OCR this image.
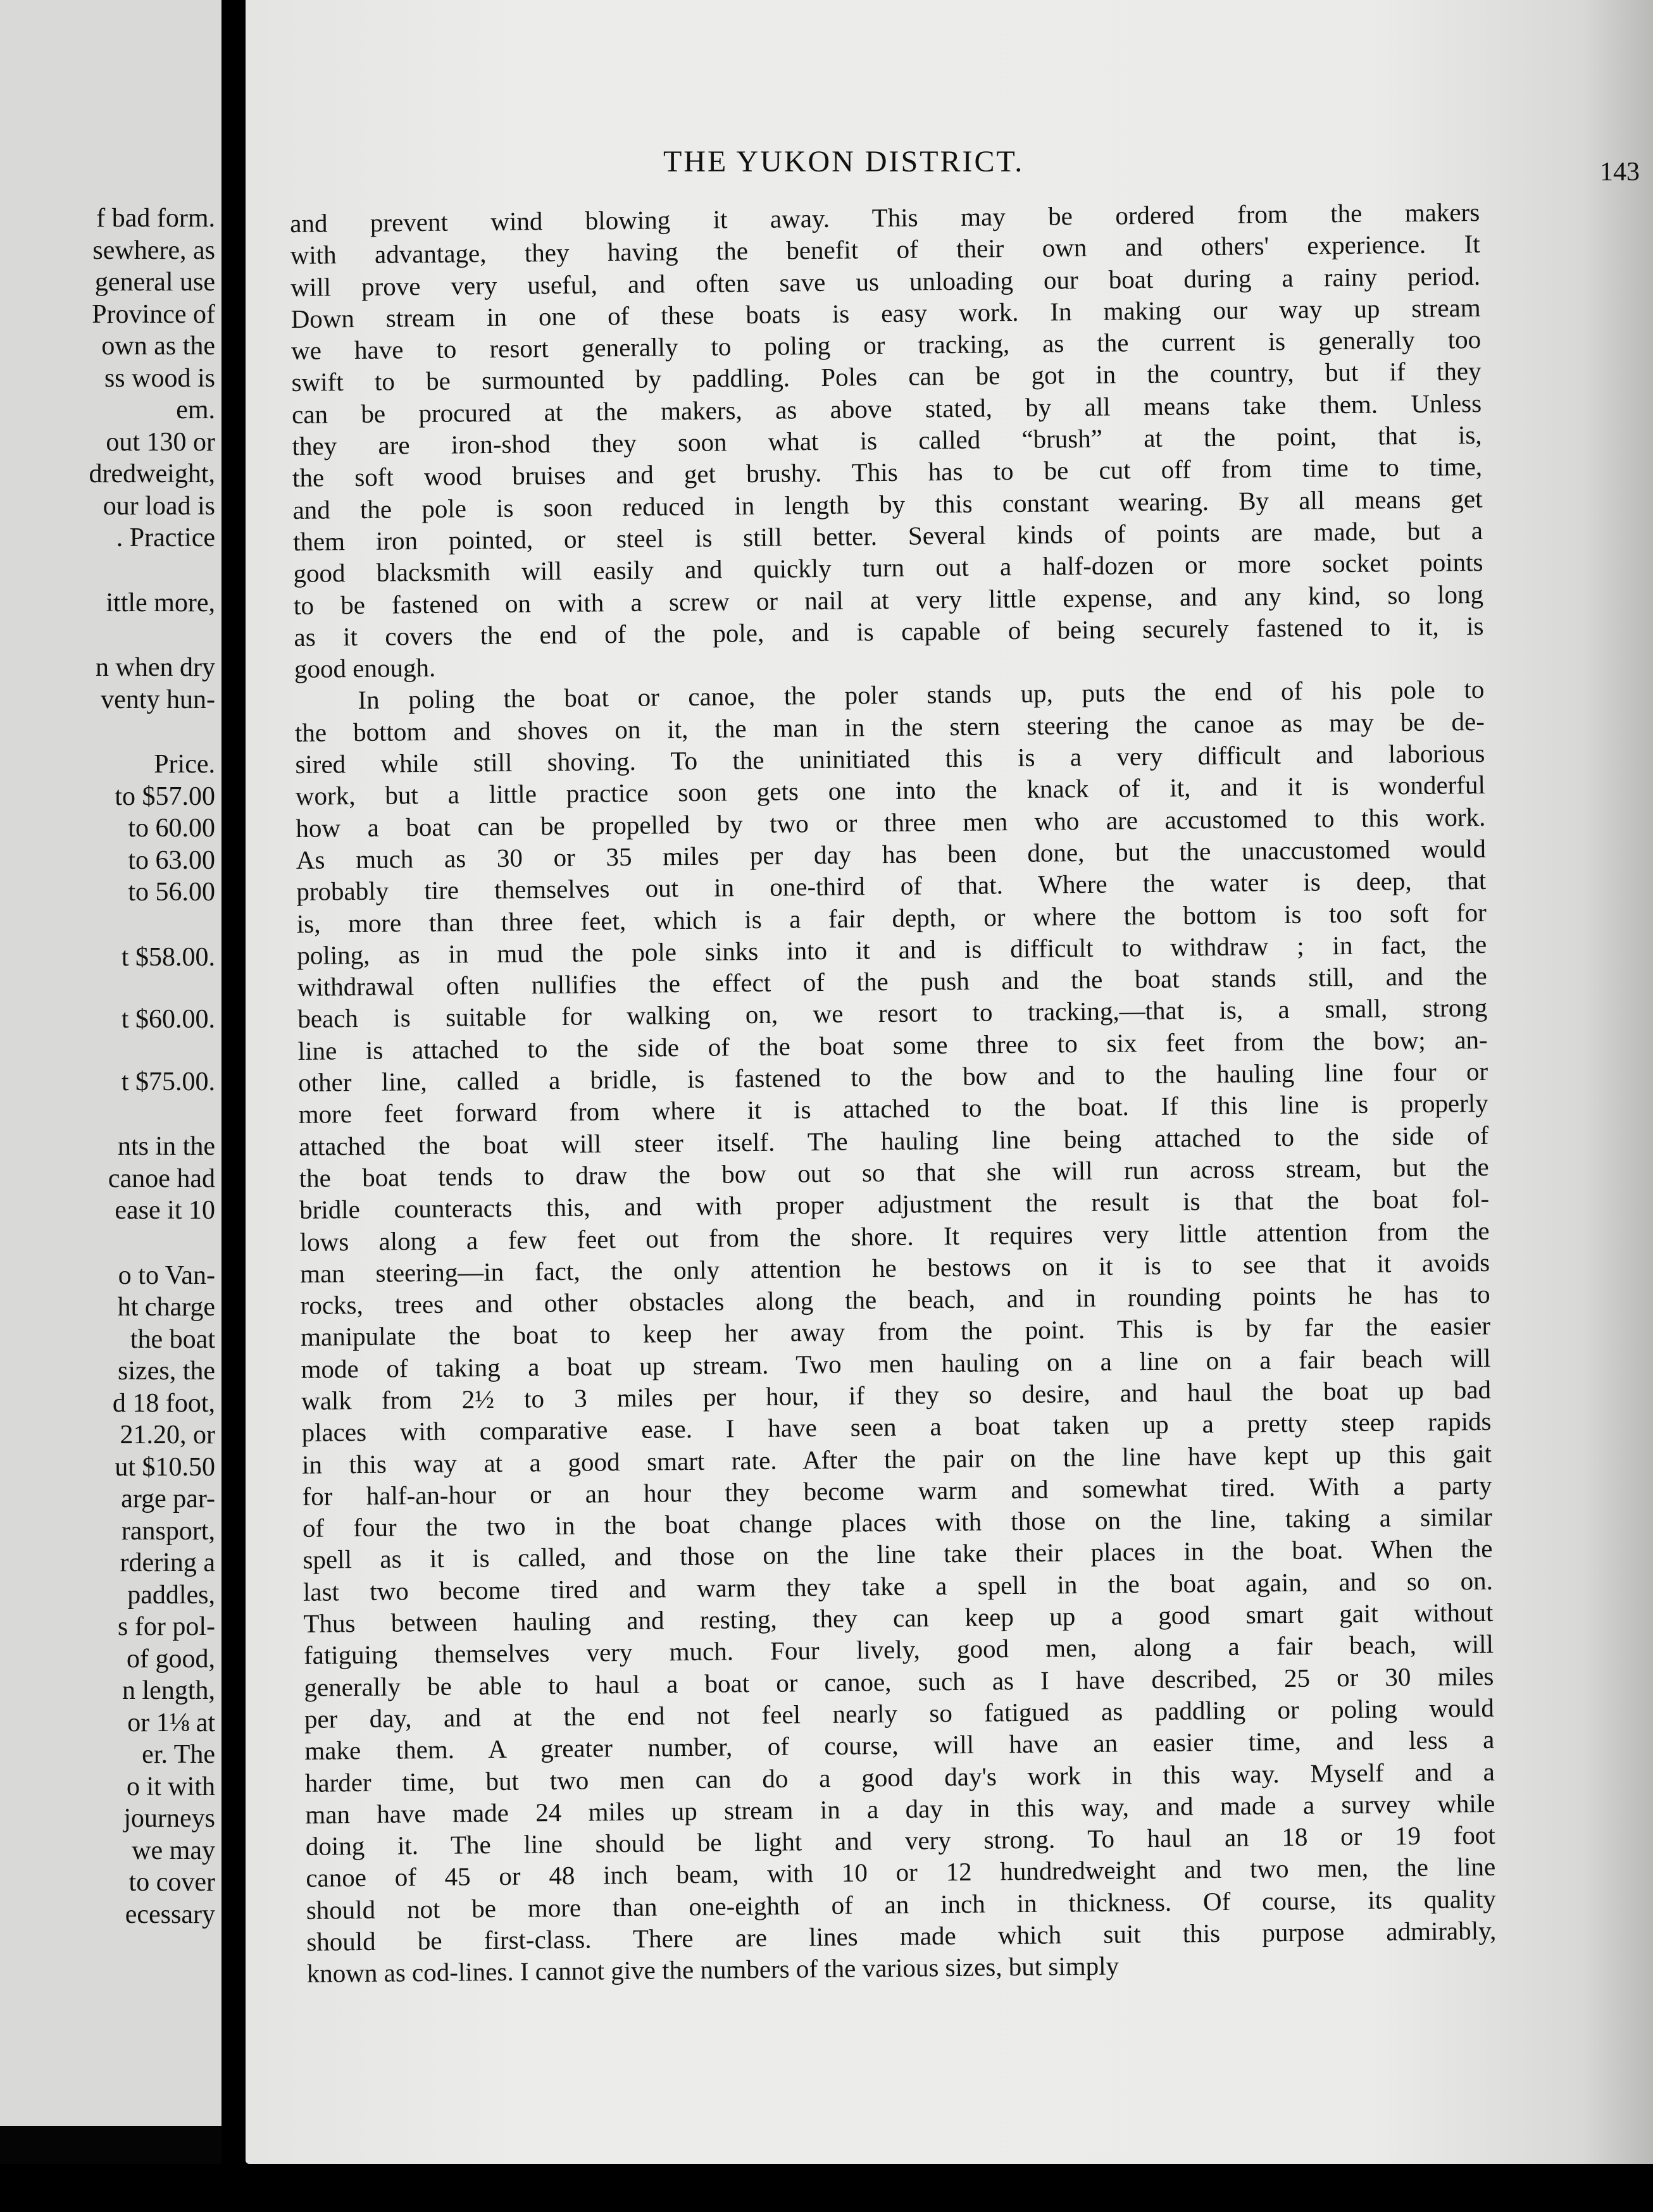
f bad form.
sewhere, as
general use
Province of
own as the
ss wood is
em.
out 130 or
dredweight,
our load is
. Practice
ittle more,
n when dry
venty hun-
Price.
to $57.00
to 60.00
to 63.00
to 56.00
t $58.00.
t $60.00.
t $75.00.
nts in the
canoe had
ease it 10
o to Van-
ht charge
the boat
sizes, the
d 18 foot,
21.20, or
ut $10.50
arge par-
ransport,
rdering a
paddles,
s for pol-
of good,
n length,
or 1⅛ at
er. The
o it with
journeys
we may
to cover
ecessary
THE YUKON DISTRICT.	143
and prevent wind blowing it away. This may be ordered from the makers
with advantage, they having the benefit of their own and others' experience. It
will prove very useful, and often save us unloading our boat during a rainy period.
Down stream in one of these boats is easy work. In making our way up stream
we have to resort generally to poling or tracking, as the current is generally too
swift to be surmounted by paddling. Poles can be got in the country, but if they
can be procured at the makers, as above stated, by all means take them. Unless
they are iron-shod they soon what is called “brush” at the point, that is,
the soft wood bruises and get brushy. This has to be cut off from time to time,
and the pole is soon reduced in length by this constant wearing. By all means get
them iron pointed, or steel is still better. Several kinds of points are made, but a
good blacksmith will easily and quickly turn out a half-dozen or more socket points
to be fastened on with a screw or nail at very little expense, and any kind, so long
as it covers the end of the pole, and is capable of being securely fastened to it, is
good enough.
In poling the boat or canoe, the poler stands up, puts the end of his pole to
the bottom and shoves on it, the man in the stern steering the canoe as may be de-
sired while still shoving. To the uninitiated this is a very difficult and laborious
work, but a little practice soon gets one into the knack of it, and it is wonderful
how a boat can be propelled by two or three men who are accustomed to this work.
As much as 30 or 35 miles per day has been done, but the unaccustomed would
probably tire themselves out in one-third of that. Where the water is deep, that
is, more than three feet, which is a fair depth, or where the bottom is too soft for
poling, as in mud the pole sinks into it and is difficult to withdraw ; in fact, the
withdrawal often nullifies the effect of the push and the boat stands still, and the
beach is suitable for walking on, we resort to tracking,—that is, a small, strong
line is attached to the side of the boat some three to six feet from the bow; an-
other line, called a bridle, is fastened to the bow and to the hauling line four or
more feet forward from where it is attached to the boat. If this line is properly
attached the boat will steer itself. The hauling line being attached to the side of
the boat tends to draw the bow out so that she will run across stream, but the
bridle counteracts this, and with proper adjustment the result is that the boat fol-
lows along a few feet out from the shore. It requires very little attention from the
man steering—in fact, the only attention he bestows on it is to see that it avoids
rocks, trees and other obstacles along the beach, and in rounding points he has to
manipulate the boat to keep her away from the point. This is by far the easier
mode of taking a boat up stream. Two men hauling on a line on a fair beach will
walk from 2½ to 3 miles per hour, if they so desire, and haul the boat up bad
places with comparative ease. I have seen a boat taken up a pretty steep rapids
in this way at a good smart rate. After the pair on the line have kept up this gait
for half-an-hour or an hour they become warm and somewhat tired. With a party
of four the two in the boat change places with those on the line, taking a similar
spell as it is called, and those on the line take their places in the boat. When the
last two become tired and warm they take a spell in the boat again, and so on.
Thus between hauling and resting, they can keep up a good smart gait without
fatiguing themselves very much. Four lively, good men, along a fair beach, will
generally be able to haul a boat or canoe, such as I have described, 25 or 30 miles
per day, and at the end not feel nearly so fatigued as paddling or poling would
make them. A greater number, of course, will have an easier time, and less a
harder time, but two men can do a good day's work in this way. Myself and a
man have made 24 miles up stream in a day in this way, and made a survey while
doing it. The line should be light and very strong. To haul an 18 or 19 foot
canoe of 45 or 48 inch beam, with 10 or 12 hundredweight and two men, the line
should not be more than one-eighth of an inch in thickness. Of course, its quality
should be first-class. There are lines made which suit this purpose admirably,
known as cod-lines. I cannot give the numbers of the various sizes, but simply
